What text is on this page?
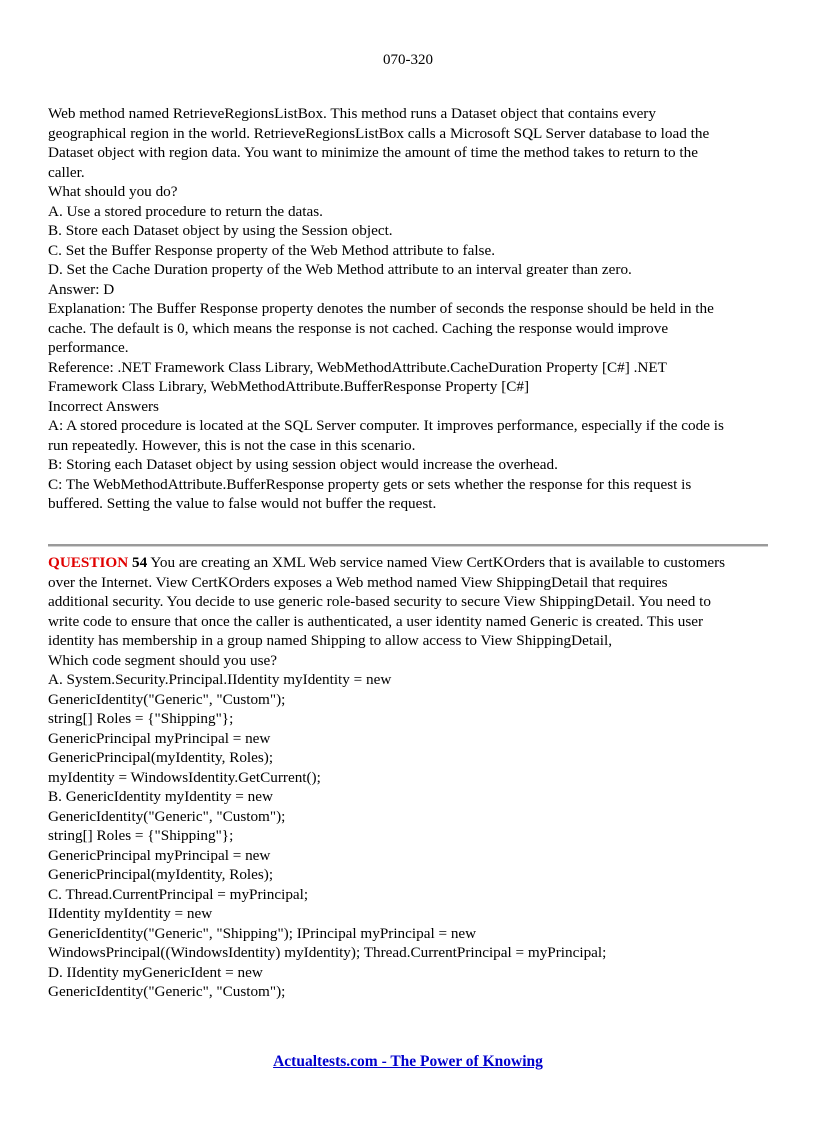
070-320

Web method named RetrieveRegionsListBox. This method runs a Dataset object that contains every

geographical region in the world. RetrieveRegionsListBox calls a Microsoft SQL Server database to load the

Dataset object with region data. You want to minimize the amount of time the method takes to return to the

caller.

What should you do?

A. Use a stored procedure to return the datas.

B. Store each Dataset object by using the Session object.

C. Set the Buffer Response property of the Web Method attribute to false.

D. Set the Cache Duration property of the Web Method attribute to an interval greater than zero.

Answer: D

Explanation: The Buffer Response property denotes the number of seconds the response should be held in the

cache. The default is 0, which means the response is not cached. Caching the response would improve

performance.

Reference: .NET Framework Class Library, WebMethodAttribute.CacheDuration Property [C#] .NET

Framework Class Library, WebMethodAttribute.BufferResponse Property [C#]

Incorrect Answers

A: A stored procedure is located at the SQL Server computer. It improves performance, especially if the code is

run repeatedly. However, this is not the case in this scenario.

B: Storing each Dataset object by using session object would increase the overhead.

C: The WebMethodAttribute.BufferResponse property gets or sets whether the response for this request is

buffered. Setting the value to false would not buffer the request.

QUESTION 54 You are creating an XML Web service named View CertKOrders that is available to customers

over the Internet. View CertKOrders exposes a Web method named View ShippingDetail that requires

additional security. You decide to use generic role-based security to secure View ShippingDetail. You need to

write code to ensure that once the caller is authenticated, a user identity named Generic is created. This user

identity has membership in a group named Shipping to allow access to View ShippingDetail,

Which code segment should you use?

A. System.Security.Principal.IIdentity myIdentity = new

GenericIdentity("Generic", "Custom");

string[] Roles = {"Shipping"};

GenericPrincipal myPrincipal = new

GenericPrincipal(myIdentity, Roles);

myIdentity = WindowsIdentity.GetCurrent();

B. GenericIdentity myIdentity = new

GenericIdentity("Generic", "Custom");

string[] Roles = {"Shipping"};

GenericPrincipal myPrincipal = new

GenericPrincipal(myIdentity, Roles);

C. Thread.CurrentPrincipal = myPrincipal;

IIdentity myIdentity = new

GenericIdentity("Generic", "Shipping"); IPrincipal myPrincipal = new

WindowsPrincipal((WindowsIdentity) myIdentity); Thread.CurrentPrincipal = myPrincipal;

D. IIdentity myGenericIdent = new

GenericIdentity("Generic", "Custom");

Actualtests.com - The Power of Knowing
